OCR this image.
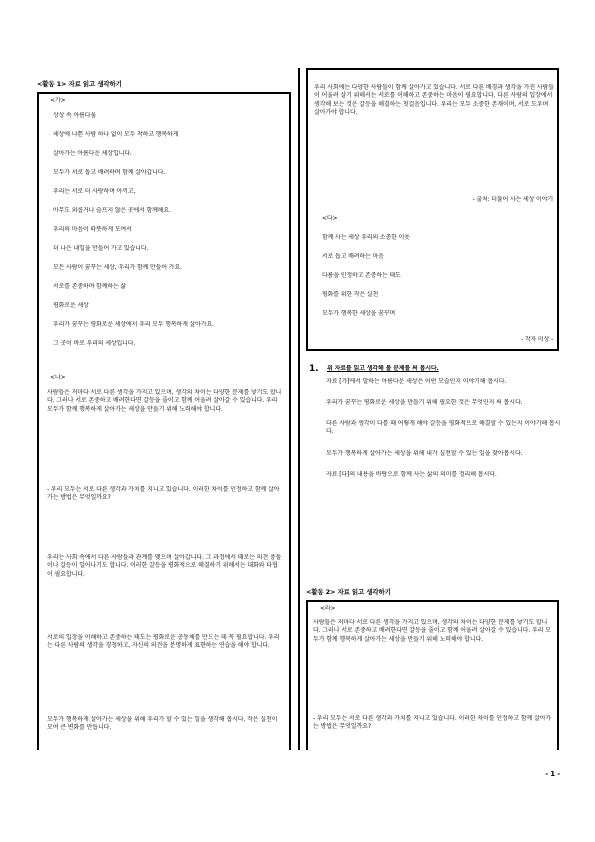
<활동 1> 자료 읽고 생각하기
<가>
상상 속 아름다움
세상에 나쁜 사람 하나 없이 모두 착하고 행복하게
살아가는 아름다운 세상입니다.
모두가 서로 돕고 배려하며 함께 살아갑니다.
우리는 서로 더 사랑하며 아끼고,
아무도 외롭거나 슬프지 않은 곳에서 함께해요.
우리의 마음이 따뜻하게 모여서
더 나은 내일을 만들어 가고 있습니다.
모든 사람이 꿈꾸는 세상, 우리가 함께 만들어 가요.
서로를 존중하며 함께하는 삶
평화로운 세상
우리가 꿈꾸는 평화로운 세상에서 우리 모두 행복하게 살아가요.
그 곳이 바로 우리의 세상입니다.
<나>
사람들은 저마다 서로 다른 생각을 가지고 있으며, 생각의 차이는 다양한 문제를 낳기도 합니다. 그러나 서로 존중하고 배려한다면 갈등을 줄이고 함께 어울려 살아갈 수 있습니다. 우리 모두가 함께 행복하게 살아가는 세상을 만들기 위해 노력해야 합니다.
- 우리 모두는 서로 다른 생각과 가치를 지니고 있습니다. 이러한 차이를 인정하고 함께 살아가는 방법은 무엇일까요?
우리는 사회 속에서 다른 사람들과 관계를 맺으며 살아갑니다. 그 과정에서 때로는 의견 충돌이나 갈등이 일어나기도 합니다. 이러한 갈등을 평화적으로 해결하기 위해서는 대화와 타협이 필요합니다.
서로의 입장을 이해하고 존중하는 태도는 평화로운 공동체를 만드는 데 꼭 필요합니다. 우리는 다른 사람의 생각을 경청하고, 자신의 의견을 분명하게 표현하는 연습을 해야 합니다.
모두가 행복하게 살아가는 세상을 위해 우리가 할 수 있는 일을 생각해 봅시다. 작은 실천이 모여 큰 변화를 만듭니다.
우리 사회에는 다양한 사람들이 함께 살아가고 있습니다. 서로 다른 배경과 생각을 가진 사람들이 어울려 살기 위해서는 서로를 이해하고 존중하는 마음이 필요합니다. 다른 사람의 입장에서 생각해 보는 것은 갈등을 해결하는 첫걸음입니다. 우리는 모두 소중한 존재이며, 서로 도우며 살아가야 합니다.
- 출처: 더불어 사는 세상 이야기
<다>
함께 사는 세상 우리의 소중한 이웃
서로 돕고 배려하는 마음
다름을 인정하고 존중하는 태도
평화를 위한 작은 실천
모두가 행복한 세상을 꿈꾸며
- 작자 미상 -
1. 위 자료를 읽고 생각해 볼 문제를 써 봅시다.
자료 [가]에서 말하는 아름다운 세상은 어떤 모습인지 이야기해 봅시다.
우리가 꿈꾸는 평화로운 세상을 만들기 위해 필요한 것은 무엇인지 써 봅시다.
다른 사람과 생각이 다를 때 어떻게 해야 갈등을 평화적으로 해결할 수 있는지 이야기해 봅시다.
모두가 행복하게 살아가는 세상을 위해 내가 실천할 수 있는 일을 찾아봅시다.
자료 [다]의 내용을 바탕으로 함께 사는 삶의 의미를 정리해 봅시다.
<활동 2> 자료 읽고 생각하기
<라>
사람들은 저마다 서로 다른 생각을 가지고 있으며, 생각의 차이는 다양한 문제를 낳기도 합니다. 그러나 서로 존중하고 배려한다면 갈등을 줄이고 함께 어울려 살아갈 수 있습니다. 우리 모두가 함께 행복하게 살아가는 세상을 만들기 위해 노력해야 합니다.
- 우리 모두는 서로 다른 생각과 가치를 지니고 있습니다. 이러한 차이를 인정하고 함께 살아가는 방법은 무엇일까요?
- 1 -
